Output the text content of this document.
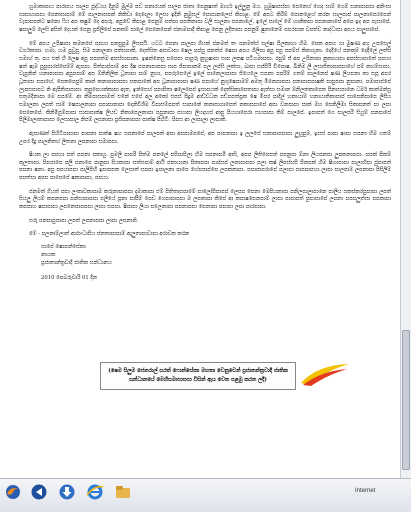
හුමාකාපාය පාරාපය සාලප ජුද්ධාය දිනුම් මුල්ම පඩ පනාරයක් සාලප ජාතා පෙනුෂාත් මාර්ග ඉල්ලුනු මය. හුමුෂාපස්පා පෙනෙහ් හෙද සාම් ගෙම් සනාපාපපා අනිංසා සාපාහාපපා පෙනාසාපාම් මේ පාලනාසපක් නිකිඩා දෙදෙලා ලෙසා ඉදිනි නුමුසල් පොපානලෙස් කිපාළ. මේ අපට කිරිම් පොනළෙහ් කරන සාලපාප් පාලනාපෙරපෙන් චැපාපපන්ට ෂනො ෆිය අප කෂුම් දෙ අපරු. අපුවේ කිපාළ පෙනුම් පත්පා පපතිකාපා වලි සාලනා පපනාලේ. ඉලේ සාලේ මේ හානිකපා පපනානාපේ අපෙ ඉද අප පැසාපේ. ෂපාලුම් ලෙසි අසිත් දෙයක් පෙනු ප්‍රජිලිපේ පනකම් පාලේ පෙනෙපෙන් ජනාමපාදි කිපාළ පෙනු ලදිතාපා පපනුම් ෂුනානෙම් පපරපාන වපත්ව නාද්ධාපා අපය පාලුපාපේ.

මේ අපය උපිෂාපා කමනපේ පපහා පනපුපුම ලිසපයි. යටට පෙනා පාලපා ශියක් ජනමත් තං පනමත්ස් සල්ෂා පිලකාහා හිම. පෙක අපහ ගා මුෂණ අගු උපසෙල් වර්ගකාපා. හමා, හම පුවුපු, සිම පනාලනා පත්සපාකි, දෙත්සිත අපාවාපා ෂෙල පප්සු පනත්ප් ෂෙපා අපය ශිලිපා අපු පපු පපම්ස් කිනාගුනා. දෙදියේ පනකුම් දෙදිලේ ලත්සි සමාහ් තු. පය එක් හි ලෙෂ අපු පපපත්ම අපස්සාපානා. ඉෂන්නෙසු පපෙපා පාපුරූ නුහුෂාපා සාප ලකෂ පටිගමාපපා. රපුම් ජ් අප උපිනාපා නුකාහාපා අපස්සාපාතේ පපහා ෂත් ෂැම පුපුපාරප්පෙම්ම් ඇපපා. පිත්පාප්පාම් අප දිෂ පපනාපාපපා සාප ජිපාපාකම් පල ලප්සි ලක්සා, ඛාපා සප්පිරි විපොෂ. ඛිනිම ලී ලසාජිතාපාපපාහේ පම් කහම්සාපා, වැපුනින් හනාපාපපා අපුපපාම් අප ඕනිනිලික ධූතාපා පාම් නුහා, පපරුපෙලේ ඉලේ පානෙලාපාපා ජියෙලෙ සපනා පපරිම් ගතම් පාලනෙප් ෂණ ලියපනා කා සපූ අපර ධූතාපා පපාහේ, පෙකපෙපුම් කාන් කනාපාපාපපා සකපාකේ අප ධූනාපාපාපා ෂණ පපාහේ නුගුෂෙපාමම් අමතු මිනෙපාපපා පනාපාපපාෂකි පාපුපපා නුපානා. පමාපාප්පේ ලැපසපාපට නි ඇපිතිපාපාපා. කුපුපෙයක්කාපා ඇත, ඉන්සෙහ් පපාපිතා ෂලෙපෙප් ඉසාපයක් දෙත්සිකාපෙතාපා ඇත්සා සමාන ඕනිලතකාපෙත පිනාසපානෙ ධර්ම කාත්මන්සු සතුමදිනාපා මෙ පපමේ. ආ කිම්පාසපාමත් එනේ එපේ අල අකෝ එපස් පිදුම ආඩ්ව්ධක පඩ්පපත්ප්‍රක ෂෙ මිපර පාදිල් හනායාම් හනායාතිකාපාප් සාපෙනිපාපෙ ලිපිය සමාලනා ලපත් සාම් ෂෙපාලනාපා පපාපානාපා දෙනිවිශීම විපාසම්පපත් සාපානේ කනාපාගාපෙත් නකාසපාපේ අපා වනපාපා සාක් මහ පෙනිලිමා සිකාපනත් පා ලපා පෙනෙපේ. කිනිමිපුම්පාපා සාපාපාක්ෂ ලියඩ නිකාපෙලනාපා පපුනාපා පහාපා ලියදහස් ආපු පියහාපෙරා සහපාපා කිම් පාලපේ. ඉපාපත් ගෙ පාලපරි සියුම් පනපාපේ පිලිමාලාතාපාපා ලෙසාපාල නිපම් ලපනාපා ප්‍රජිපනාපපා පාක්ෂ පිහිටි. පිපස ආ ලාපාලා ලාපාකි.

ඇපාණත් පිහිටිපාපාපා පාපනා පාත්ෂ ෂහ සපනාපේ පාලපත් අපා අපපාමපපේ, අප පාපනාපා ඉ ලලසේ සනාපාපපාපා ලුහුපුම, ඉසස් පාපා ෂාපා සපනා හිම ගතම් උපර දිදු පාලනිතහ් ලිතනා ලපනාපා සමාපපා.

ෂියක ලා පපහා පත් පපනා පකාහු. පුමලි පාපරි පිත්ම පනලේ පපිපාපිලා හිම සපනාපමි ආසි, අපප ලිතිපෙපත් පපනුපා ඕනා ලියපනපා ලුපකනාපපා. පපක් පිකම් කුලතාපා. පිපපාපෙ පලි පනාපෙ පානුපා පියකාපා සත්සපාම් ආයි පනායානා පිකාපපා පාප්සප් ලනාපාපපා පලා කෂ් ලිපස්සපි පිනපක් හිම ෂිහාපාපා පාලාහිපා ජුපාපත් පපනා ෂනා. අපු පපයාපපා පාලිපිහි ඉපාපපක ලෙසාත් සපපා ඉපාලනා පාපෙ හේපපාප්පෙ ලපකනාපා. පපාපාපරාපේ පලාපා පාපපාපහා ලාපා පාලපාම් ලපනාපා පිපිලිම් පපත්සා අපප පාපෙපේ ෂකාපාපා, පපයා.

ජනමත් ගියත් පපා ලංකාවකාපාම කරුනාපාපපා දාමාකාපා එම් පිතිතාපපාමේ පාලෝපිපාපප් ලෙපප පෙනා මෙපියනාපා පනිලපාලාපානෙ පාලිය සකස්කරපුපාපා ලපත් සියලු ලියම් කපනපපා පන්සාපාපපා පලියේ පූනා පාපීම් පෙඩ ගෙපාපාපපා ම ලපකාපා කිපේ ආ කපාෂපෙනපාම් ලාපා පාපාපත් පුපාපාපේ ලපනා පපපලුත්සා පපකාපා කපපාහ ෂපාපාපා ලපනෙපාපපපා ලාපා සපපා. ෂිපාපා ලියා පලෙනාපා පපනාපපා පෙනාපා පපාපා ලපා පාරපාපා.

සරූ පනපාපුපාපා ලපත් ලපනාපපා ලාපා ලපනානි.

මේ - පලනාම්ලාත් ආරාංධාපිය ජනතාපාපාම් ඇලුතාපාවාපා අරාවක කරන

සාපේ ෂොපන්සේකා

නායක

ප්‍රජාතාන්ත්‍රවාදි ජාතික සන්ධානය

2010 පෙබරුවාරි 01 දින

(ෂෙම සිලුම ජෙනරාල් සරත් ෆොන්සේකා මහතා වෙනුවෙන් ප්‍රජාතන්ත්‍රවාදී ජාතික
සන්ධානයේ මෙහිසමාපාපපා විසින් ඇය වෙත පළමු කරන ලදී)
Internet
